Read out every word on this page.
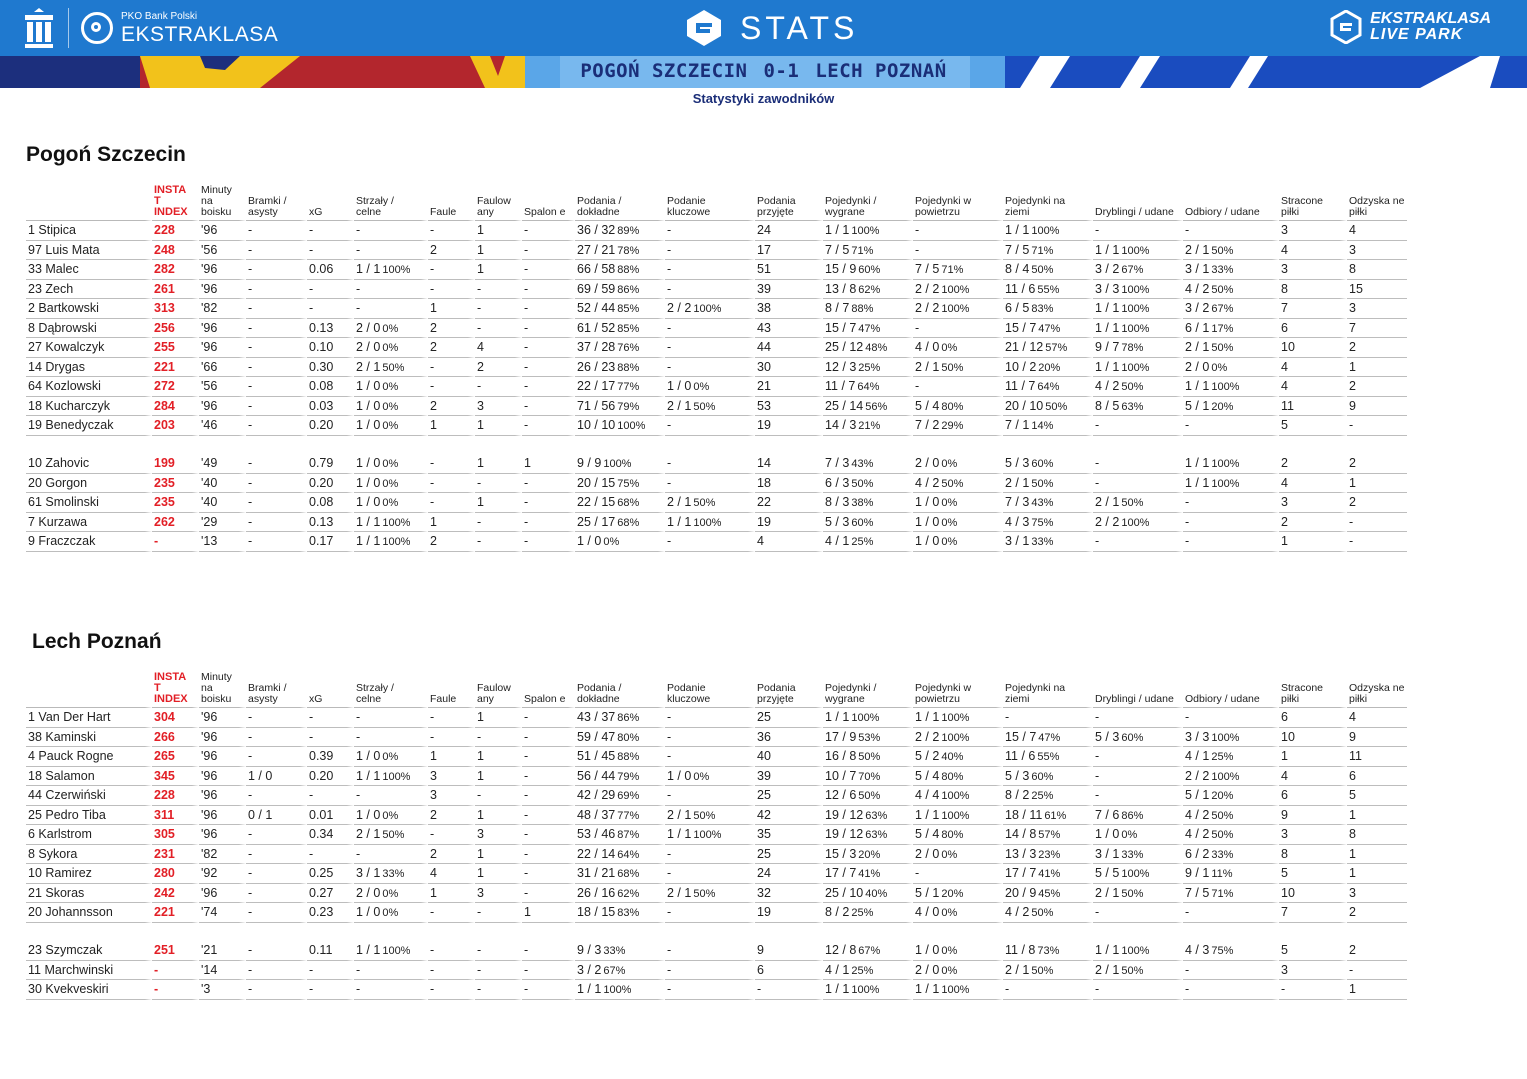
PKO Bank Polski
EKSTRAKLASA	STATS	EKSTRAKLASA
LIVE PARK
POGOŃ SZCZECIN 0-1 LECH POZNAŃ
Statystyki zawodników
Pogoń Szczecin
	INSTA T INDEX	Minuty na boisku	Bramki / asysty	xG	Strzały / celne	Faule	Faulow any	Spalon e	Podania / dokładne	Podanie kluczowe	Podania przyjęte	Pojedynki / wygrane	Pojedynki w powietrzu	Pojedynki na ziemi	Dryblingi / udane	Odbiory / udane	Stracone piłki	Odzyska ne piłki
1 Stipica	228	'96	-	-	-	-	1	-	36 / 32 89%	-	24	1 / 1 100%	-	1 / 1 100%	-	-	3	4
97 Luis Mata	248	'56	-	-	-	2	1	-	27 / 21 78%	-	17	7 / 5 71%	-	7 / 5 71%	1 / 1 100%	2 / 1 50%	4	3
33 Malec	282	'96	-	0.06	1 / 1 100%	-	1	-	66 / 58 88%	-	51	15 / 9 60%	7 / 5 71%	8 / 4 50%	3 / 2 67%	3 / 1 33%	3	8
23 Zech	261	'96	-	-	-	-	-	-	69 / 59 86%	-	39	13 / 8 62%	2 / 2 100%	11 / 6 55%	3 / 3 100%	4 / 2 50%	8	15
2 Bartkowski	313	'82	-	-	-	1	-	-	52 / 44 85%	2 / 2 100%	38	8 / 7 88%	2 / 2 100%	6 / 5 83%	1 / 1 100%	3 / 2 67%	7	3
8 Dąbrowski	256	'96	-	0.13	2 / 0 0%	2	-	-	61 / 52 85%	-	43	15 / 7 47%	-	15 / 7 47%	1 / 1 100%	6 / 1 17%	6	7
27 Kowalczyk	255	'96	-	0.10	2 / 0 0%	2	4	-	37 / 28 76%	-	44	25 / 12 48%	4 / 0 0%	21 / 12 57%	9 / 7 78%	2 / 1 50%	10	2
14 Drygas	221	'66	-	0.30	2 / 1 50%	-	2	-	26 / 23 88%	-	30	12 / 3 25%	2 / 1 50%	10 / 2 20%	1 / 1 100%	2 / 0 0%	4	1
64 Kozlowski	272	'56	-	0.08	1 / 0 0%	-	-	-	22 / 17 77%	1 / 0 0%	21	11 / 7 64%	-	11 / 7 64%	4 / 2 50%	1 / 1 100%	4	2
18 Kucharczyk	284	'96	-	0.03	1 / 0 0%	2	3	-	71 / 56 79%	2 / 1 50%	53	25 / 14 56%	5 / 4 80%	20 / 10 50%	8 / 5 63%	5 / 1 20%	11	9
19 Benedyczak	203	'46	-	0.20	1 / 0 0%	1	1	-	10 / 10 100%	-	19	14 / 3 21%	7 / 2 29%	7 / 1 14%	-	-	5	-

10 Zahovic	199	'49	-	0.79	1 / 0 0%	-	1	1	9 / 9 100%	-	14	7 / 3 43%	2 / 0 0%	5 / 3 60%	-	1 / 1 100%	2	2
20 Gorgon	235	'40	-	0.20	1 / 0 0%	-	-	-	20 / 15 75%	-	18	6 / 3 50%	4 / 2 50%	2 / 1 50%	-	1 / 1 100%	4	1
61 Smolinski	235	'40	-	0.08	1 / 0 0%	-	1	-	22 / 15 68%	2 / 1 50%	22	8 / 3 38%	1 / 0 0%	7 / 3 43%	2 / 1 50%	-	3	2
7 Kurzawa	262	'29	-	0.13	1 / 1 100%	1	-	-	25 / 17 68%	1 / 1 100%	19	5 / 3 60%	1 / 0 0%	4 / 3 75%	2 / 2 100%	-	2	-
9 Fraczczak	-	'13	-	0.17	1 / 1 100%	2	-	-	1 / 0 0%	-	4	4 / 1 25%	1 / 0 0%	3 / 1 33%	-	-	1	-
Lech Poznań
	INSTA T INDEX	Minuty na boisku	Bramki / asysty	xG	Strzały / celne	Faule	Faulow any	Spalon e	Podania / dokładne	Podanie kluczowe	Podania przyjęte	Pojedynki / wygrane	Pojedynki w powietrzu	Pojedynki na ziemi	Dryblingi / udane	Odbiory / udane	Stracone piłki	Odzyska ne piłki
1 Van Der Hart	304	'96	-	-	-	-	1	-	43 / 37 86%	-	25	1 / 1 100%	1 / 1 100%	-	-	-	6	4
38 Kaminski	266	'96	-	-	-	-	-	-	59 / 47 80%	-	36	17 / 9 53%	2 / 2 100%	15 / 7 47%	5 / 3 60%	3 / 3 100%	10	9
4 Pauck Rogne	265	'96	-	0.39	1 / 0 0%	1	1	-	51 / 45 88%	-	40	16 / 8 50%	5 / 2 40%	11 / 6 55%	-	4 / 1 25%	1	11
18 Salamon	345	'96	1 / 0	0.20	1 / 1 100%	3	1	-	56 / 44 79%	1 / 0 0%	39	10 / 7 70%	5 / 4 80%	5 / 3 60%	-	2 / 2 100%	4	6
44 Czerwiński	228	'96	-	-	-	3	-	-	42 / 29 69%	-	25	12 / 6 50%	4 / 4 100%	8 / 2 25%	-	5 / 1 20%	6	5
25 Pedro Tiba	311	'96	0 / 1	0.01	1 / 0 0%	2	1	-	48 / 37 77%	2 / 1 50%	42	19 / 12 63%	1 / 1 100%	18 / 11 61%	7 / 6 86%	4 / 2 50%	9	1
6 Karlstrom	305	'96	-	0.34	2 / 1 50%	-	3	-	53 / 46 87%	1 / 1 100%	35	19 / 12 63%	5 / 4 80%	14 / 8 57%	1 / 0 0%	4 / 2 50%	3	8
8 Sykora	231	'82	-	-	-	2	1	-	22 / 14 64%	-	25	15 / 3 20%	2 / 0 0%	13 / 3 23%	3 / 1 33%	6 / 2 33%	8	1
10 Ramirez	280	'92	-	0.25	3 / 1 33%	4	1	-	31 / 21 68%	-	24	17 / 7 41%	-	17 / 7 41%	5 / 5 100%	9 / 1 11%	5	1
21 Skoras	242	'96	-	0.27	2 / 0 0%	1	3	-	26 / 16 62%	2 / 1 50%	32	25 / 10 40%	5 / 1 20%	20 / 9 45%	2 / 1 50%	7 / 5 71%	10	3
20 Johannsson	221	'74	-	0.23	1 / 0 0%	-	-	1	18 / 15 83%	-	19	8 / 2 25%	4 / 0 0%	4 / 2 50%	-	-	7	2

23 Szymczak	251	'21	-	0.11	1 / 1 100%	-	-	-	9 / 3 33%	-	9	12 / 8 67%	1 / 0 0%	11 / 8 73%	1 / 1 100%	4 / 3 75%	5	2
11 Marchwinski	-	'14	-	-	-	-	-	-	3 / 2 67%	-	6	4 / 1 25%	2 / 0 0%	2 / 1 50%	2 / 1 50%	-	3	-
30 Kvekveskiri	-	'3	-	-	-	-	-	-	1 / 1 100%	-	-	1 / 1 100%	1 / 1 100%	-	-	-	-	1
